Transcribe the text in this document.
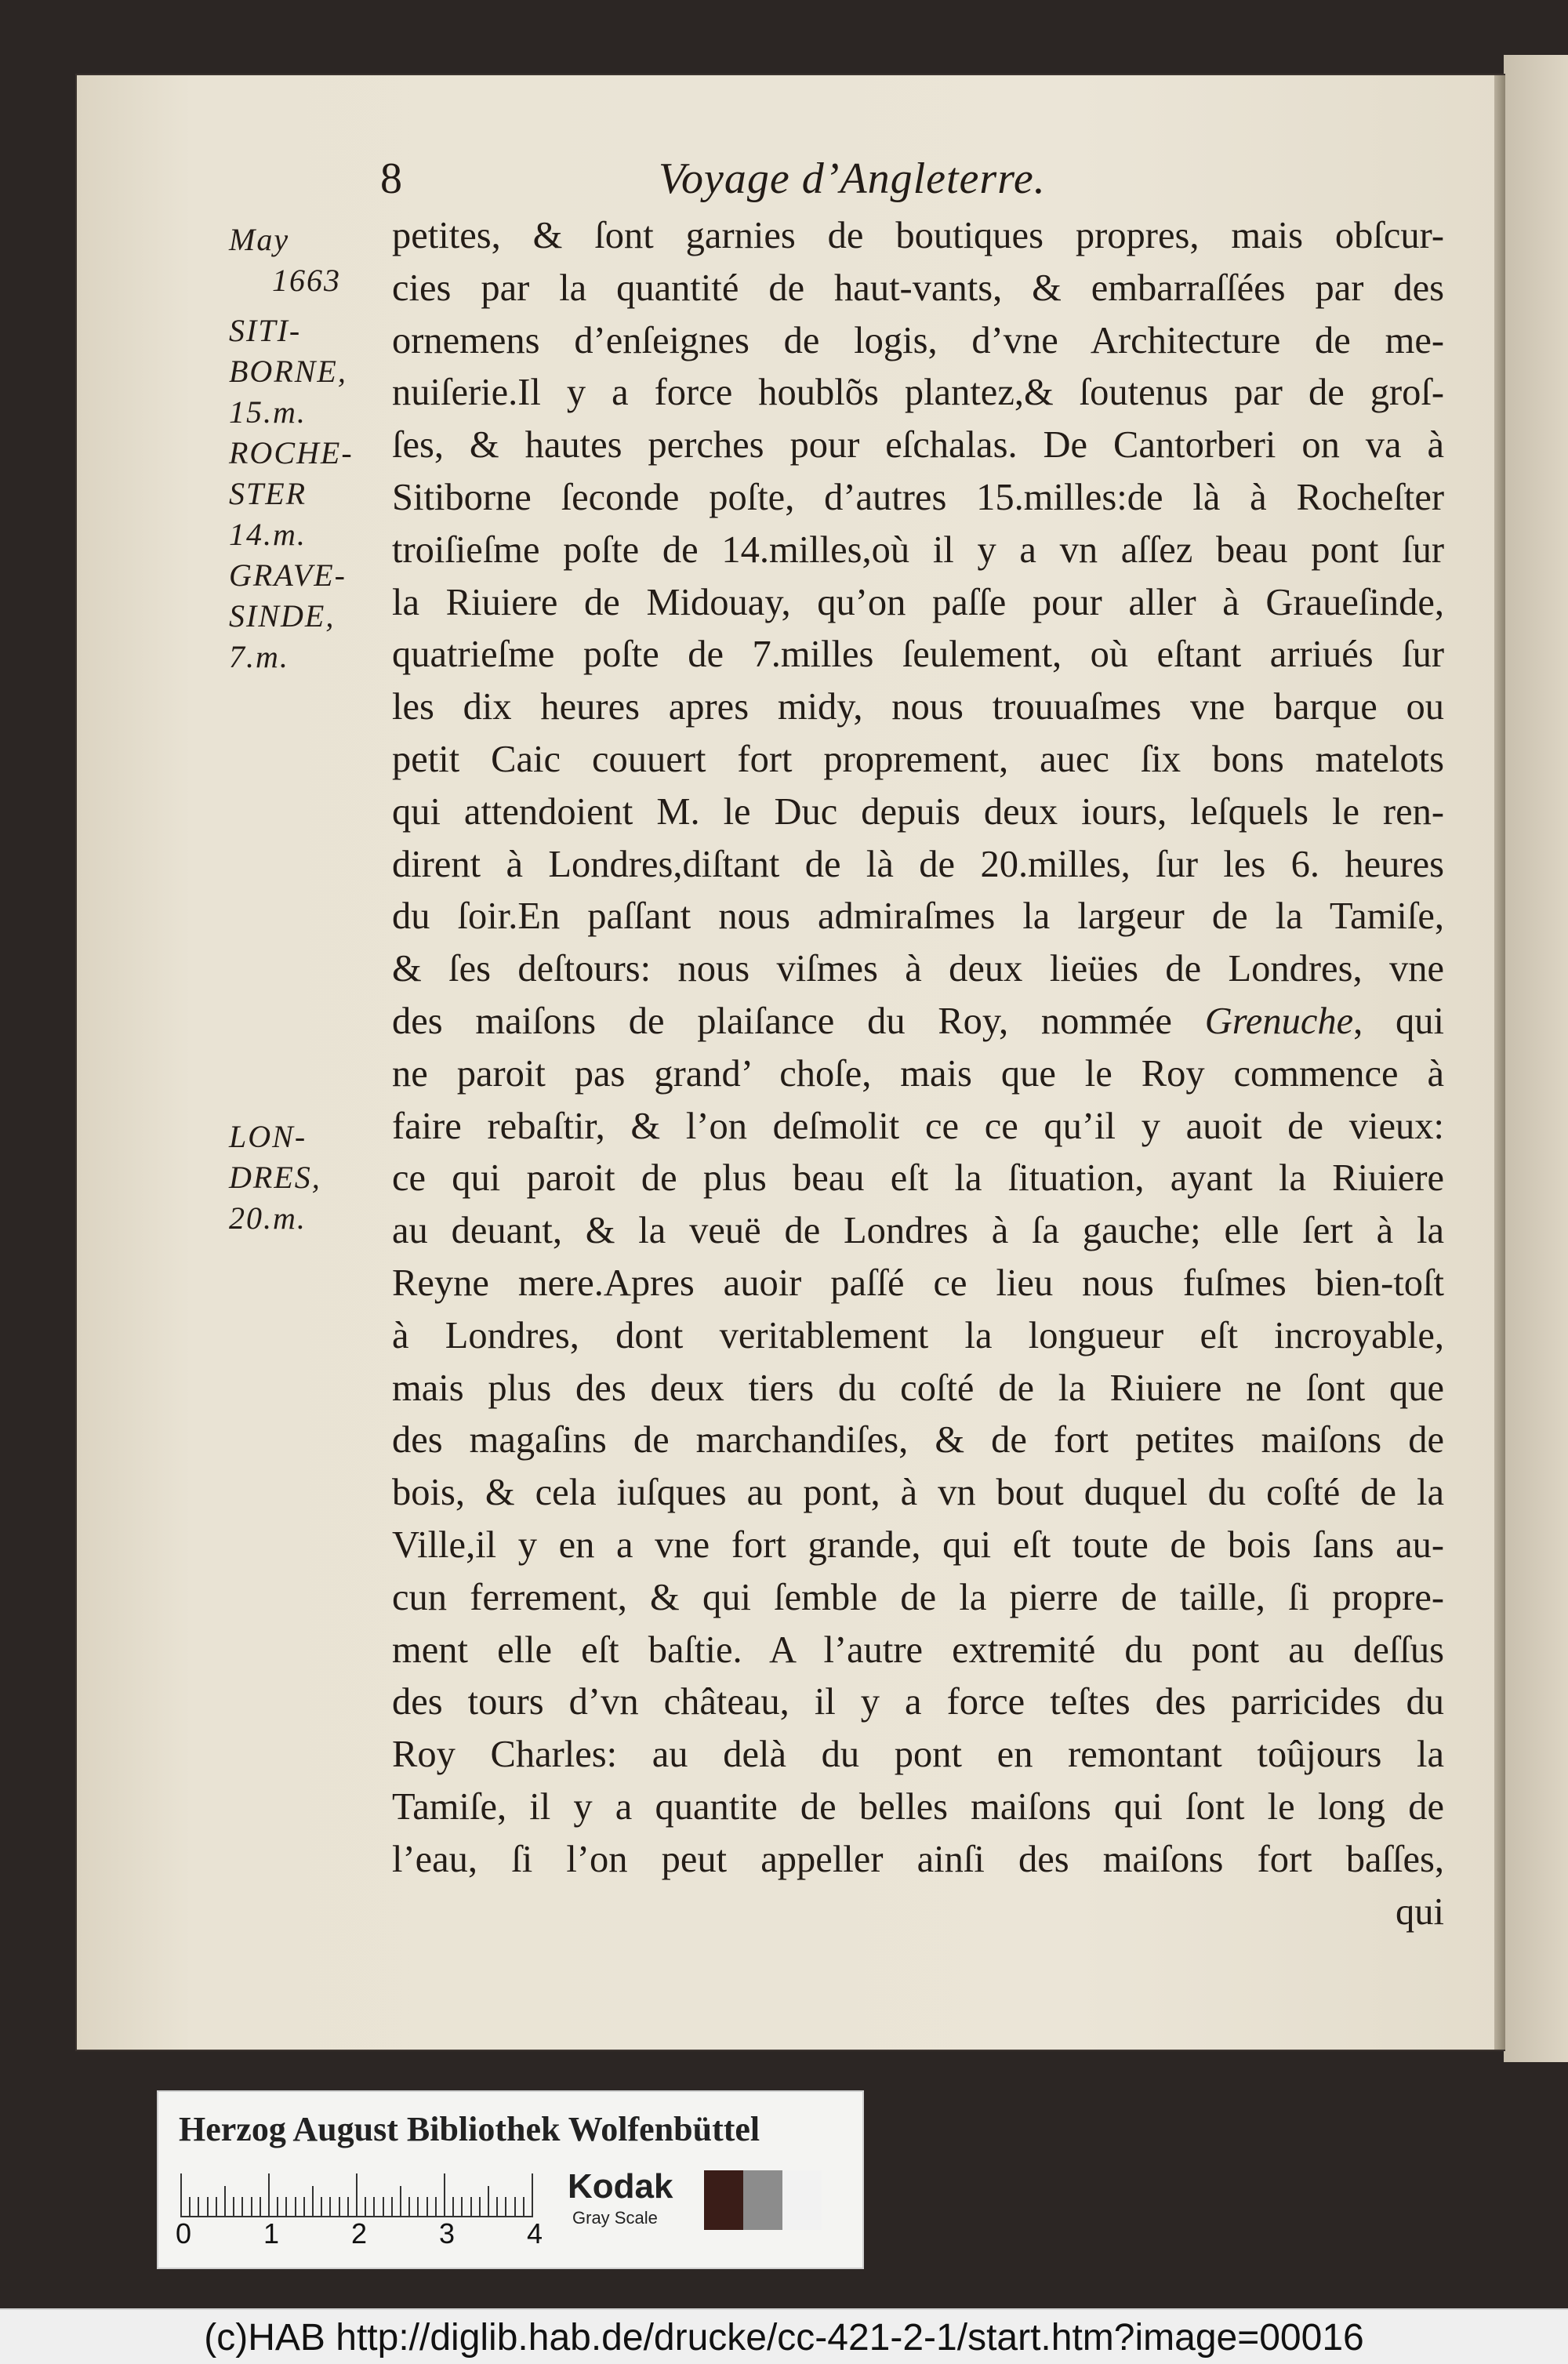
8	Voyage d’Angleterre.
May
1663
SITI-
BORNE,
15.m.
ROCHE-
STER
14.m.
GRAVE-
SINDE,
7.m.
LON-
DRES,
20.m.
petites, & ſont garnies de boutiques propres, mais obſcur-
cies par la quantité de haut-vants, & embarraſſées par des
ornemens d’enſeignes de logis, d’vne Architecture de me-
nuiſerie.Il y a force houblõs plantez,& ſoutenus par de groſ-
ſes, & hautes perches pour eſchalas. De Cantorberi on va à
Sitiborne ſeconde poſte, d’autres 15.milles:de là à Rocheſter
troiſieſme poſte de 14.milles,où il y a vn aſſez beau pont ſur
la Riuiere de Midouay, qu’on paſſe pour aller à Graueſinde,
quatrieſme poſte de 7.milles ſeulement, où eſtant arriués ſur
les dix heures apres midy, nous trouuaſmes vne barque ou
petit Caic couuert fort proprement, auec ſix bons matelots
qui attendoient M. le Duc depuis deux iours, leſquels le ren-
dirent à Londres,diſtant de là de 20.milles, ſur les 6. heures
du ſoir.En paſſant nous admiraſmes la largeur de la Tamiſe,
& ſes deſtours: nous viſmes à deux lieües de Londres, vne
des maiſons de plaiſance du Roy, nommée Grenuche, qui
ne paroit pas grand’ choſe, mais que le Roy commence à
faire rebaſtir, & l’on deſmolit ce ce qu’il y auoit de vieux:
ce qui paroit de plus beau eſt la ſituation, ayant la Riuiere
au deuant, & la veuë de Londres à ſa gauche; elle ſert à la
Reyne mere.Apres auoir paſſé ce lieu nous fuſmes bien-toſt
à Londres, dont veritablement la longueur eſt incroyable,
mais plus des deux tiers du coſté de la Riuiere ne ſont que
des magaſins de marchandiſes, & de fort petites maiſons de
bois, & cela iuſques au pont, à vn bout duquel du coſté de la
Ville,il y en a vne fort grande, qui eſt toute de bois ſans au-
cun ferrement, & qui ſemble de la pierre de taille, ſi propre-
ment elle eſt baſtie. A l’autre extremité du pont au deſſus
des tours d’vn château, il y a force teſtes des parricides du
Roy Charles: au delà du pont en remontant toûjours la
Tamiſe, il y a quantite de belles maiſons qui ſont le long de
l’eau, ſi l’on peut appeller ainſi des maiſons fort baſſes,
qui
Herzog August Bibliothek Wolfenbüttel
0	1	2	3	4
Kodak
Gray Scale
(c)HAB http://diglib.hab.de/drucke/cc-421-2-1/start.htm?image=00016
